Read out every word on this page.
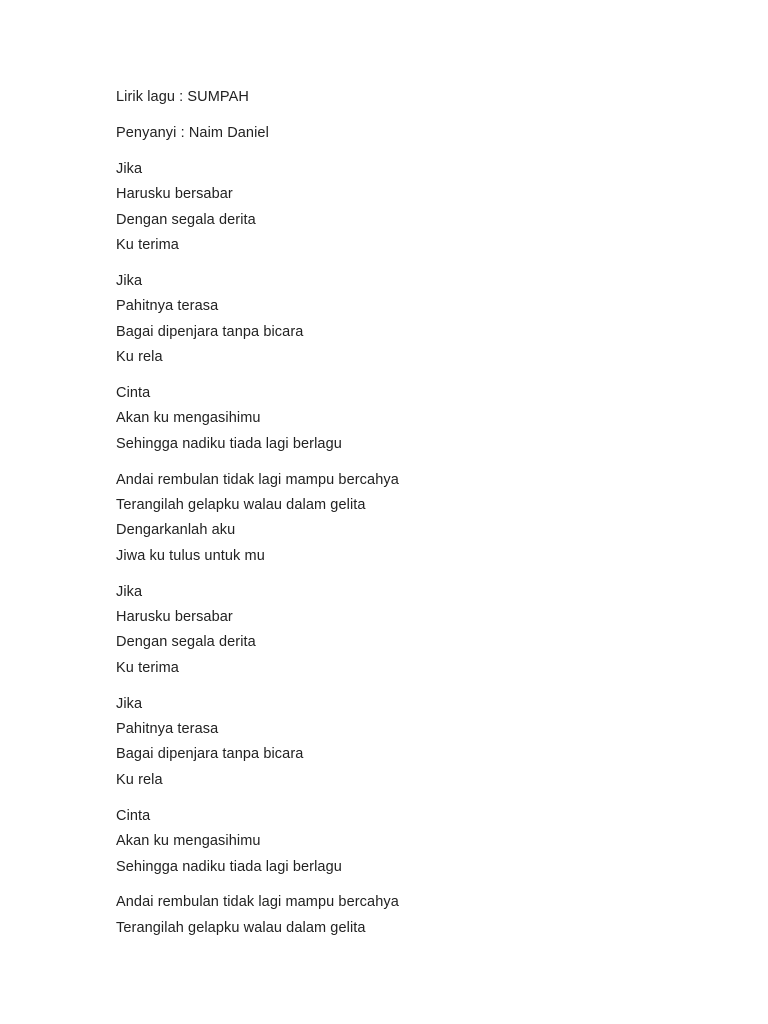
Lirik lagu : SUMPAH
Penyanyi : Naim Daniel
Jika
Harusku bersabar
Dengan segala derita
Ku terima
Jika
Pahitnya terasa
Bagai dipenjara tanpa bicara
Ku rela
Cinta
Akan ku mengasihimu
Sehingga nadiku tiada lagi berlagu
Andai rembulan tidak lagi mampu bercahya
Terangilah gelapku walau dalam gelita
Dengarkanlah aku
Jiwa ku tulus untuk mu
Jika
Harusku bersabar
Dengan segala derita
Ku terima
Jika
Pahitnya terasa
Bagai dipenjara tanpa bicara
Ku rela
Cinta
Akan ku mengasihimu
Sehingga nadiku tiada lagi berlagu
Andai rembulan tidak lagi mampu bercahya
Terangilah gelapku walau dalam gelita
